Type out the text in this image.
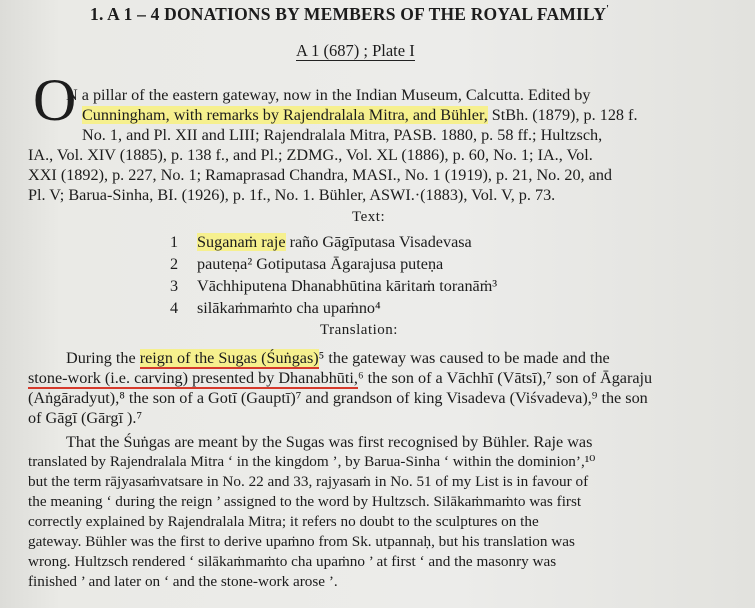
1. A 1 – 4 DONATIONS BY MEMBERS OF THE ROYAL FAMILY'
A 1 (687) ; Plate I
O
N a pillar of the eastern gateway, now in the Indian Museum, Calcutta. Edited by
Cunningham, with remarks by Rajendralala Mitra, and Bühler, StBh. (1879), p. 128 f.
No. 1, and Pl. XII and LIII; Rajendralala Mitra, PASB. 1880, p. 58 ff.; Hultzsch,
IA., Vol. XIV (1885), p. 138 f., and Pl.; ZDMG., Vol. XL (1886), p. 60, No. 1; IA., Vol.
XXI (1892), p. 227, No. 1; Ramaprasad Chandra, MASI., No. 1 (1919), p. 21, No. 20, and
Pl. V; Barua-Sinha, BI. (1926), p. 1f., No. 1. Bühler, ASWI.·(1883), Vol. V, p. 73.
Text:
1 Suganaṁ raje raño Gāgīputasa Visadevasa
2 pauteṇa² Gotiputasa Āgarajusa puteṇa
3 Vāchhiputena Dhanabhūtina kāritaṁ toranāṁ³
4 silākaṁmaṁto cha upaṁno⁴
Translation:
During the reign of the Sugas (Śuṅgas)⁵ the gateway was caused to be made and the
stone-work (i.e. carving) presented by Dhanabhūti,⁶ the son of a Vāchhī (Vātsī),⁷ son of Āgaraju
(Aṅgāradyut),⁸ the son of a Gotī (Gauptī)⁷ and grandson of king Visadeva (Viśvadeva),⁹ the son
of Gāgī (Gārgī ).⁷
That the Śuṅgas are meant by the Sugas was first recognised by Bühler. Raje was
translated by Rajendralala Mitra ‘ in the kingdom ’, by Barua-Sinha ‘ within the dominion’,¹⁰
but the term rājyasaṁvatsare in No. 22 and 33, rajyasaṁ in No. 51 of my List is in favour of
the meaning ‘ during the reign ’ assigned to the word by Hultzsch. Silākaṁmaṁto was first
correctly explained by Rajendralala Mitra; it refers no doubt to the sculptures on the
gateway. Bühler was the first to derive upaṁno from Sk. utpannaḥ, but his translation was
wrong. Hultzsch rendered ‘ silākaṁmaṁto cha upaṁno ’ at first ‘ and the masonry was
finished ’ and later on ‘ and the stone-work arose ’.
